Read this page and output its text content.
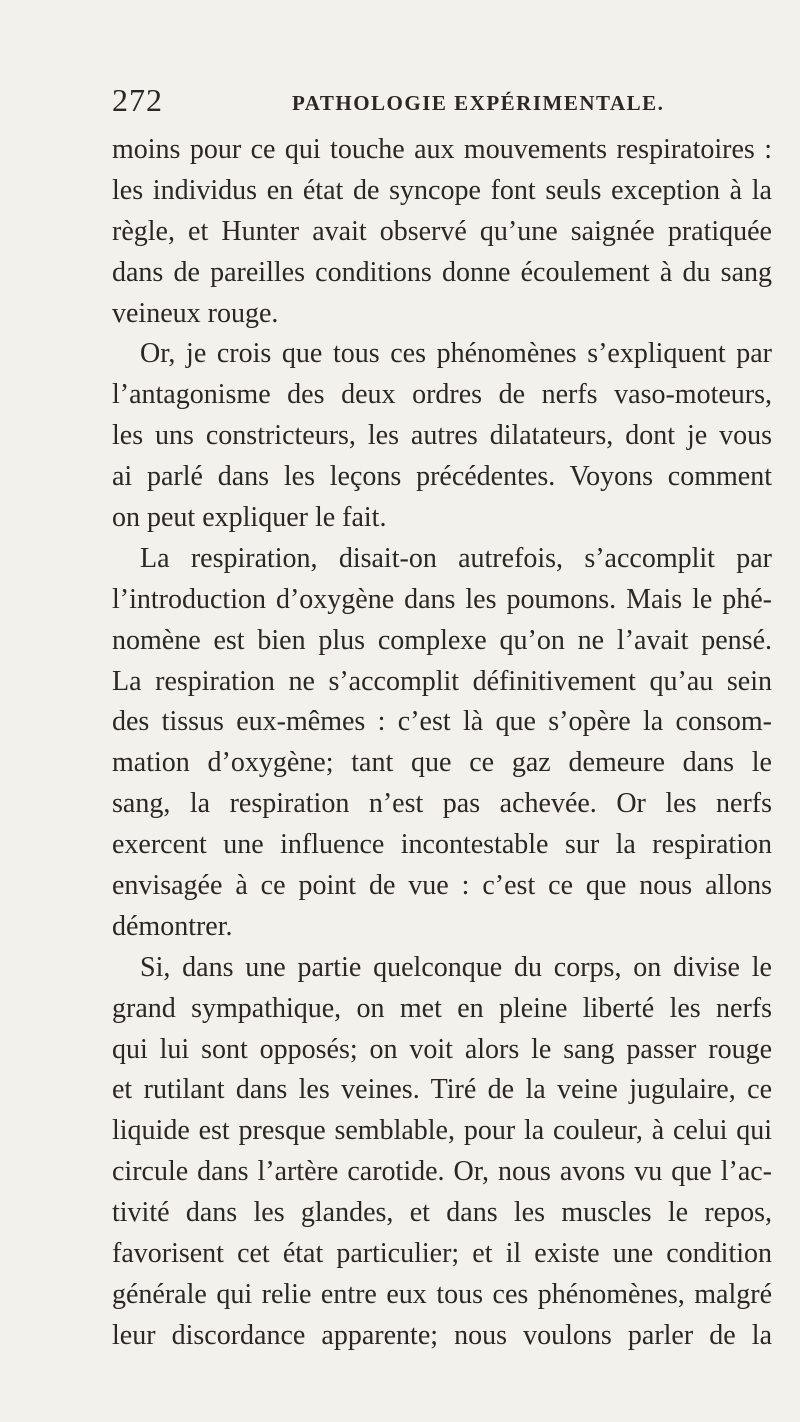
272	PATHOLOGIE EXPÉRIMENTALE.
moins pour ce qui touche aux mouvements respiratoires :
les individus en état de syncope font seuls exception à la
règle, et Hunter avait observé qu’une saignée pratiquée
dans de pareilles conditions donne écoulement à du sang
veineux rouge.
Or, je crois que tous ces phénomènes s’expliquent par
l’antagonisme des deux ordres de nerfs vaso-moteurs,
les uns constricteurs, les autres dilatateurs, dont je vous
ai parlé dans les leçons précédentes. Voyons comment
on peut expliquer le fait.
La respiration, disait-on autrefois, s’accomplit par
l’introduction d’oxygène dans les poumons. Mais le phé-
nomène est bien plus complexe qu’on ne l’avait pensé.
La respiration ne s’accomplit définitivement qu’au sein
des tissus eux-mêmes : c’est là que s’opère la consom-
mation d’oxygène; tant que ce gaz demeure dans le
sang, la respiration n’est pas achevée. Or les nerfs
exercent une influence incontestable sur la respiration
envisagée à ce point de vue : c’est ce que nous allons
démontrer.
Si, dans une partie quelconque du corps, on divise le
grand sympathique, on met en pleine liberté les nerfs
qui lui sont opposés; on voit alors le sang passer rouge
et rutilant dans les veines. Tiré de la veine jugulaire, ce
liquide est presque semblable, pour la couleur, à celui qui
circule dans l’artère carotide. Or, nous avons vu que l’ac-
tivité dans les glandes, et dans les muscles le repos,
favorisent cet état particulier; et il existe une condition
générale qui relie entre eux tous ces phénomènes, malgré
leur discordance apparente; nous voulons parler de la
